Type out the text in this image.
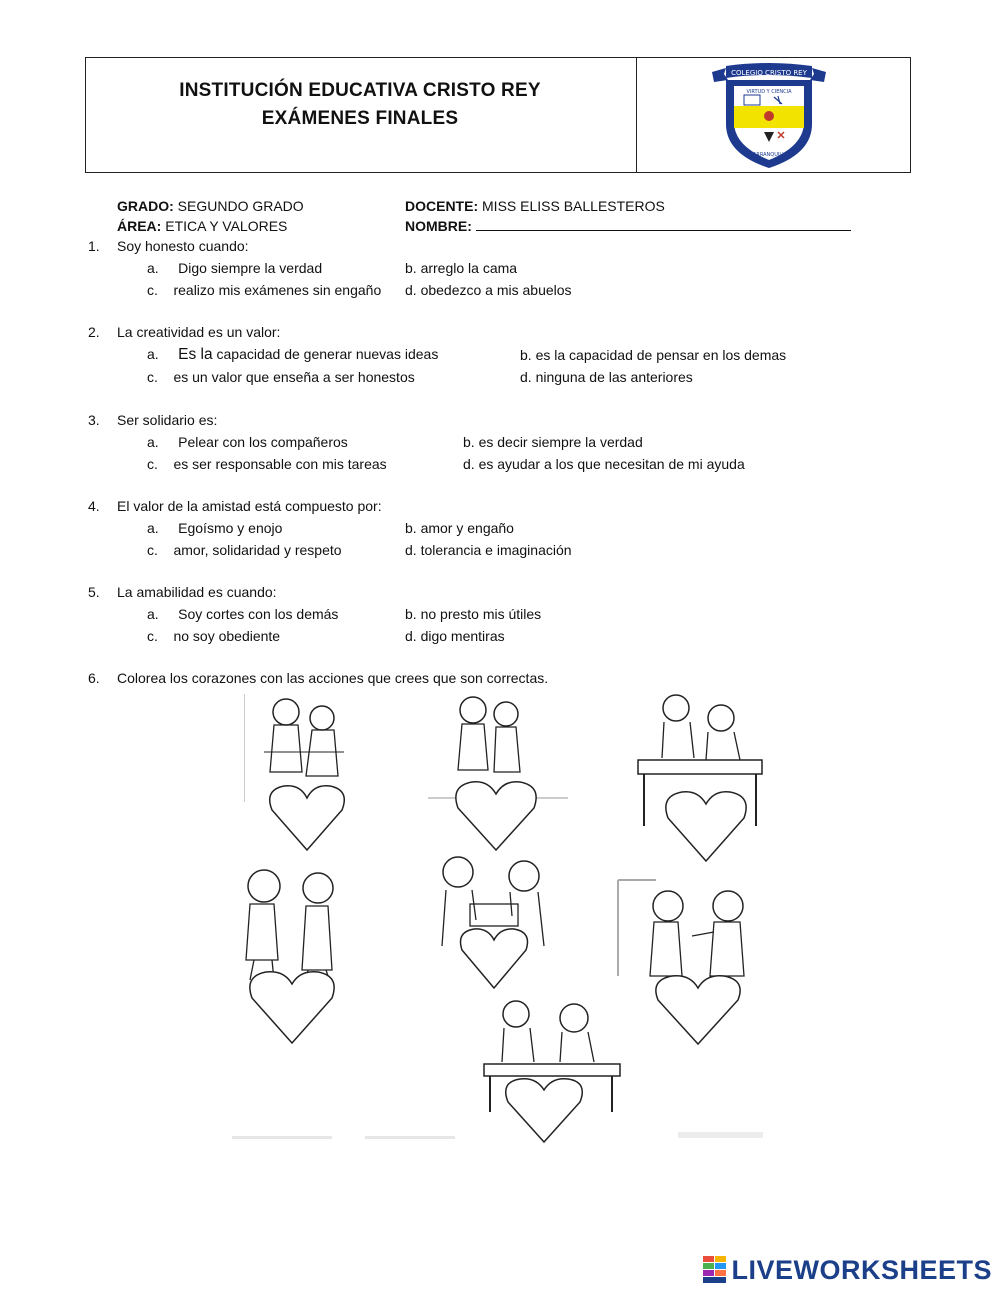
INSTITUCIÓN EDUCATIVA CRISTO REY
EXÁMENES FINALES
COLEGIO CRISTO REY
VIRTUD Y CIENCIA
BARRANQUILLA
GRADO: SEGUNDO GRADO
ÁREA: ETICA Y VALORES
DOCENTE: MISS ELISS BALLESTEROS
NOMBRE:
1. Soy honesto cuando:
a. Digo siempre la verdad	b. arreglo la cama
c. realizo mis exámenes sin engaño d. obedezco a mis abuelos
2. La creatividad es un valor:
a. Es la capacidad de generar nuevas ideas	b. es la capacidad de pensar en los demas
c. es un valor que enseña a ser honestos	d. ninguna de las anteriores
3. Ser solidario es:
a. Pelear con los compañeros	b. es decir siempre la verdad
c. es ser responsable con mis tareas	d. es ayudar a los que necesitan de mi ayuda
4. El valor de la amistad está compuesto por:
a. Egoísmo y enojo	b. amor y engaño
c. amor, solidaridad y respeto	d. tolerancia e imaginación
5. La amabilidad es cuando:
a. Soy cortes con los demás	b. no presto mis útiles
c. no soy obediente	d. digo mentiras
6. Colorea los corazones con las acciones que crees que son correctas.
LIVEWORKSHEETS
